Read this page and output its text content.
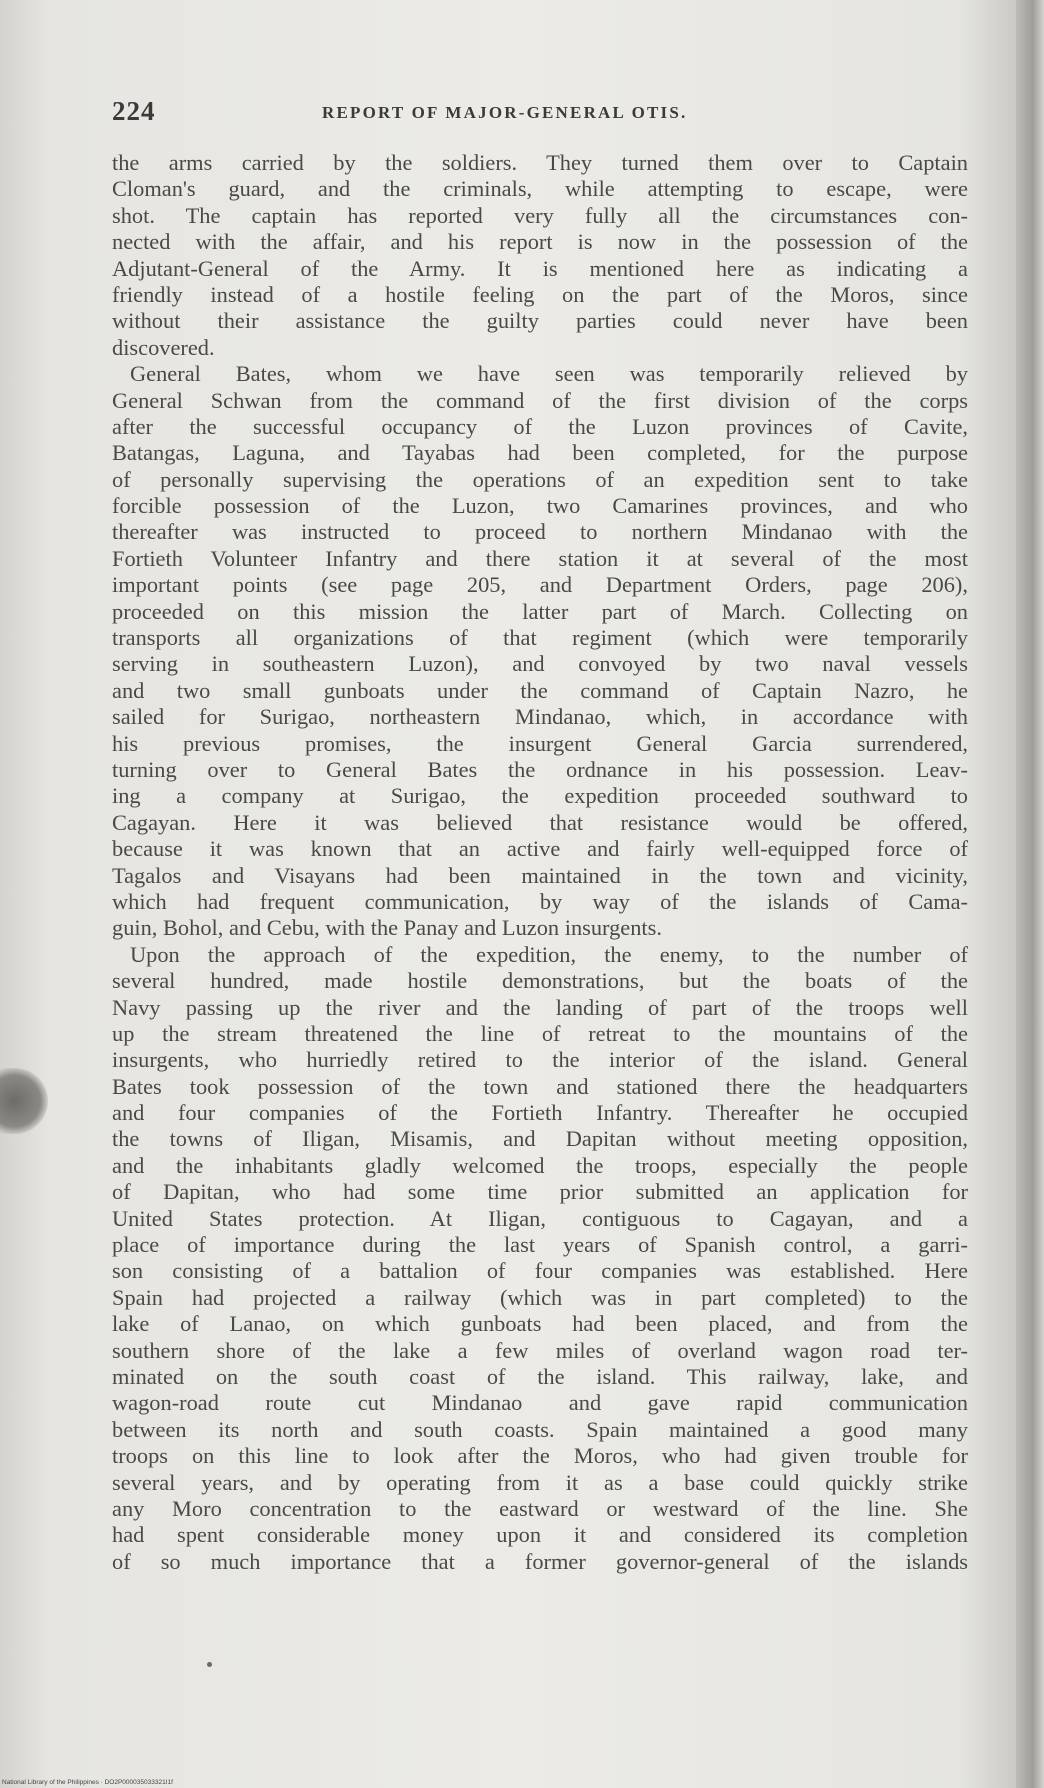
224	REPORT OF MAJOR-GENERAL OTIS.
the arms carried by the soldiers. They turned them over to Captain
Cloman's guard, and the criminals, while attempting to escape, were
shot. The captain has reported very fully all the circumstances con-
nected with the affair, and his report is now in the possession of the
Adjutant-General of the Army. It is mentioned here as indicating a
friendly instead of a hostile feeling on the part of the Moros, since
without their assistance the guilty parties could never have been
discovered.
General Bates, whom we have seen was temporarily relieved by
General Schwan from the command of the first division of the corps
after the successful occupancy of the Luzon provinces of Cavite,
Batangas, Laguna, and Tayabas had been completed, for the purpose
of personally supervising the operations of an expedition sent to take
forcible possession of the Luzon, two Camarines provinces, and who
thereafter was instructed to proceed to northern Mindanao with the
Fortieth Volunteer Infantry and there station it at several of the most
important points (see page 205, and Department Orders, page 206),
proceeded on this mission the latter part of March. Collecting on
transports all organizations of that regiment (which were temporarily
serving in southeastern Luzon), and convoyed by two naval vessels
and two small gunboats under the command of Captain Nazro, he
sailed for Surigao, northeastern Mindanao, which, in accordance with
his previous promises, the insurgent General Garcia surrendered,
turning over to General Bates the ordnance in his possession. Leav-
ing a company at Surigao, the expedition proceeded southward to
Cagayan. Here it was believed that resistance would be offered,
because it was known that an active and fairly well-equipped force of
Tagalos and Visayans had been maintained in the town and vicinity,
which had frequent communication, by way of the islands of Cama-
guin, Bohol, and Cebu, with the Panay and Luzon insurgents.
Upon the approach of the expedition, the enemy, to the number of
several hundred, made hostile demonstrations, but the boats of the
Navy passing up the river and the landing of part of the troops well
up the stream threatened the line of retreat to the mountains of the
insurgents, who hurriedly retired to the interior of the island. General
Bates took possession of the town and stationed there the headquarters
and four companies of the Fortieth Infantry. Thereafter he occupied
the towns of Iligan, Misamis, and Dapitan without meeting opposition,
and the inhabitants gladly welcomed the troops, especially the people
of Dapitan, who had some time prior submitted an application for
United States protection. At Iligan, contiguous to Cagayan, and a
place of importance during the last years of Spanish control, a garri-
son consisting of a battalion of four companies was established. Here
Spain had projected a railway (which was in part completed) to the
lake of Lanao, on which gunboats had been placed, and from the
southern shore of the lake a few miles of overland wagon road ter-
minated on the south coast of the island. This railway, lake, and
wagon-road route cut Mindanao and gave rapid communication
between its north and south coasts. Spain maintained a good many
troops on this line to look after the Moros, who had given trouble for
several years, and by operating from it as a base could quickly strike
any Moro concentration to the eastward or westward of the line. She
had spent considerable money upon it and considered its completion
of so much importance that a former governor-general of the islands
National Library of the Philippines · DO2P000035033321I1f
